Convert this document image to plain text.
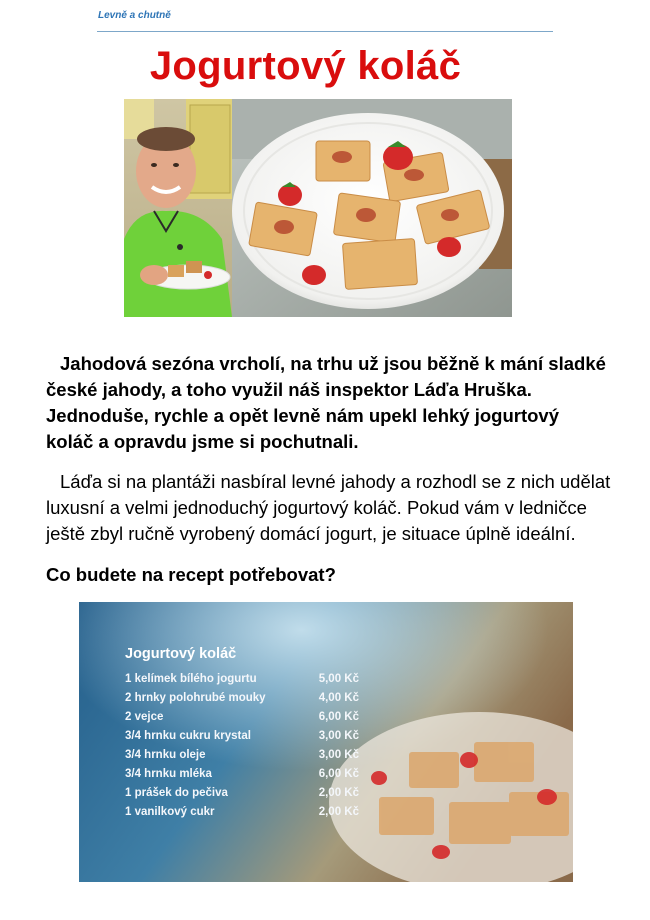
Levně a chutně
Jogurtový koláč

Jahodová sezóna vrcholí, na trhu už jsou běžně k mání sladké české jahody, a toho využil náš inspektor Láďa Hruška. Jednoduše, rychle a opět levně nám upekl lehký jogurtový koláč a opravdu jsme si pochutnali.

Láďa si na plantáži nasbíral levné jahody a rozhodl se z nich udělat luxusní a velmi jednoduchý jogurtový koláč. Pokud vám v ledničce ještě zbyl ručně vyrobený domácí jogurt, je situace úplně ideální.

Co budete na recept potřebovat?
Jogurtový koláč
1 kelímek bílého jogurtu	5,00 Kč
2 hrnky polohrubé mouky	4,00 Kč
2 vejce	6,00 Kč
3/4 hrnku cukru krystal	3,00 Kč
3/4 hrnku oleje	3,00 Kč
3/4 hrnku mléka	6,00 Kč
1 prášek do pečiva	2,00 Kč
1 vanilkový cukr	2,00 Kč
